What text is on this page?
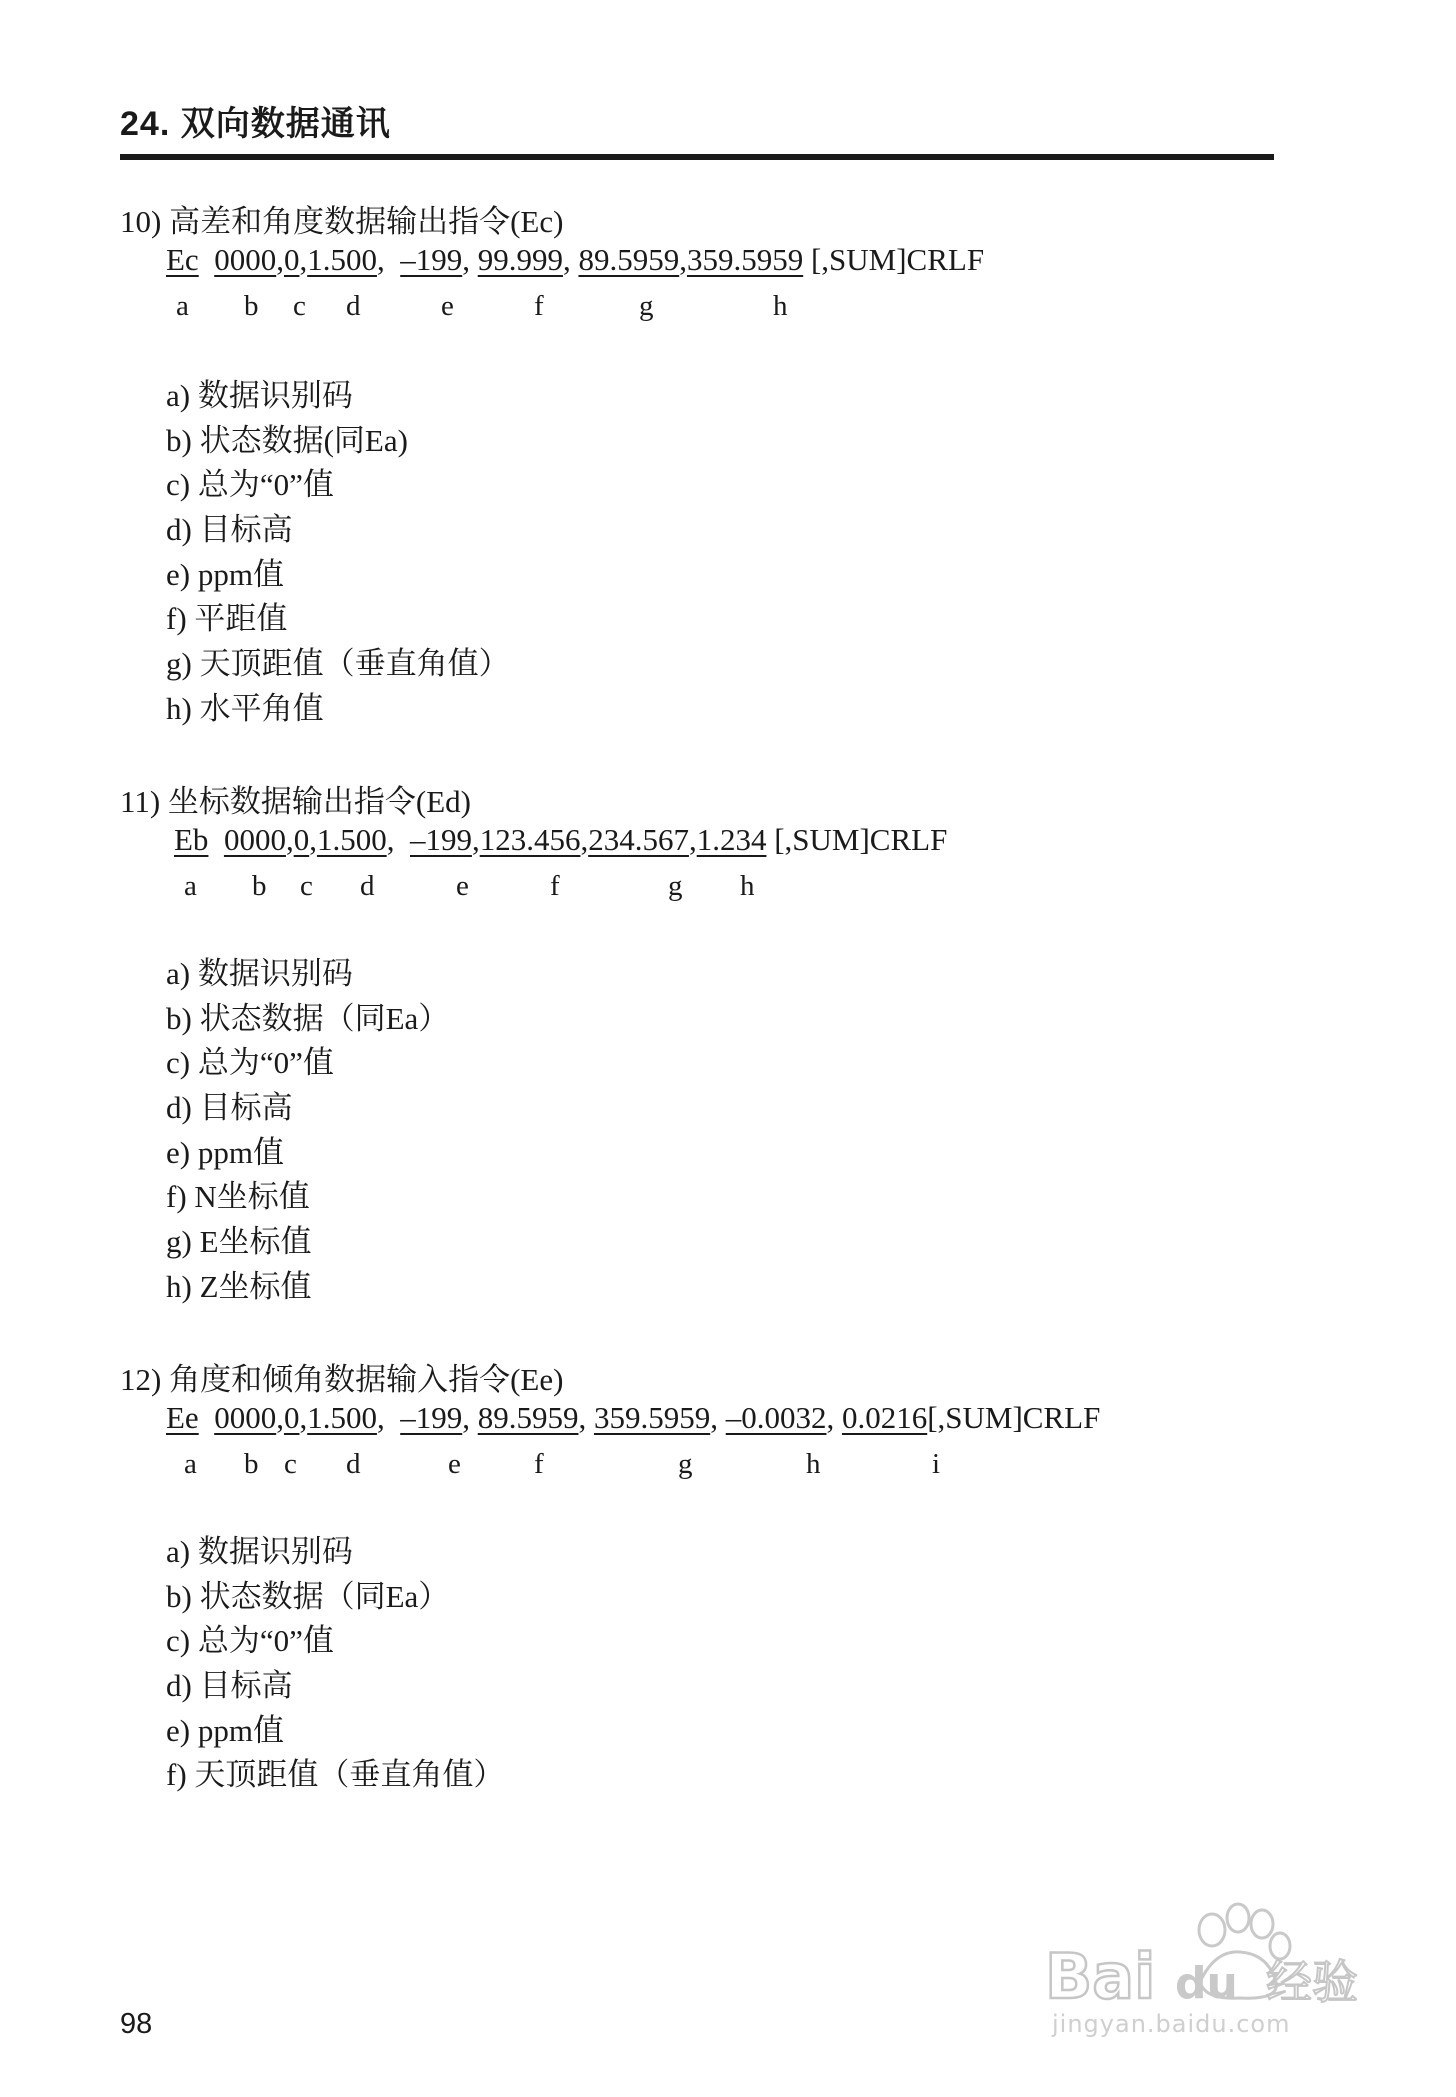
24. 双向数据通讯
10) 高差和角度数据输出指令(Ec)
Ec 0000,0,1.500,  –199, 99.999, 89.5959,359.5959 [,SUM]CRLF
a b c d	e	f	g	h
a) 数据识别码
b) 状态数据(同Ea)
c) 总为“0”值
d) 目标高
e) ppm值
f) 平距值
g) 天顶距值（垂直角值）
h) 水平角值
11) 坐标数据输出指令(Ed)
Eb 0000,0,1.500,  –199,123.456,234.567,1.234 [,SUM]CRLF
a b c d	e	f	g h
a) 数据识别码
b) 状态数据（同Ea）
c) 总为“0”值
d) 目标高
e) ppm值
f) N坐标值
g) E坐标值
h) Z坐标值
12) 角度和倾角数据输入指令(Ee)
Ee 0000,0,1.500,  –199, 89.5959, 359.5959, –0.0032, 0.0216[,SUM]CRLF
a b c d	e	f	g	h	i
a) 数据识别码
b) 状态数据（同Ea）
c) 总为“0”值
d) 目标高
e) ppm值
f) 天顶距值（垂直角值）
98
Bai du 经验
jingyan.baidu.com
